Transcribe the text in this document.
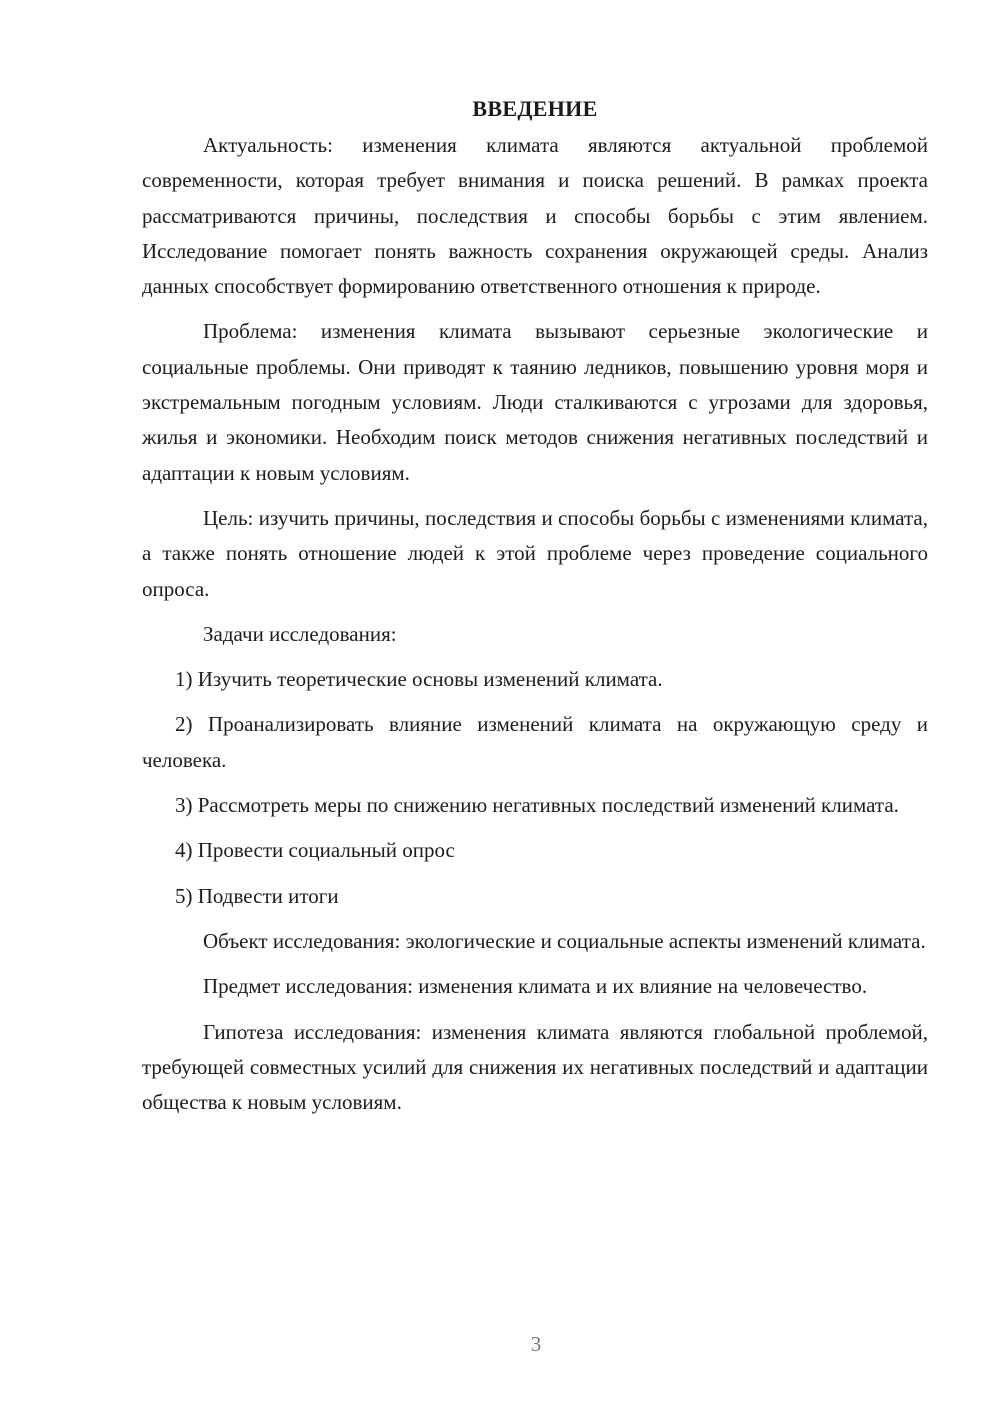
ВВЕДЕНИЕ

Актуальность: изменения климата являются актуальной проблемой современности, которая требует внимания и поиска решений. В рамках проекта рассматриваются причины, последствия и способы борьбы с этим явлением. Исследование помогает понять важность сохранения окружающей среды. Анализ данных способствует формированию ответственного отношения к природе.

Проблема: изменения климата вызывают серьезные экологические и социальные проблемы. Они приводят к таянию ледников, повышению уровня моря и экстремальным погодным условиям. Люди сталкиваются с угрозами для здоровья, жилья и экономики. Необходим поиск методов снижения негативных последствий и адаптации к новым условиям.

Цель: изучить причины, последствия и способы борьбы с изменениями климата, а также понять отношение людей к этой проблеме через проведение социального опроса.

Задачи исследования:

1) Изучить теоретические основы изменений климата.

2) Проанализировать влияние изменений климата на окружающую среду и человека.

3) Рассмотреть меры по снижению негативных последствий изменений климата.

4) Провести социальный опрос

5) Подвести итоги

Объект исследования: экологические и социальные аспекты изменений климата.

Предмет исследования: изменения климата и их влияние на человечество.

Гипотеза исследования: изменения климата являются глобальной проблемой, требующей совместных усилий для снижения их негативных последствий и адаптации общества к новым условиям.

3
